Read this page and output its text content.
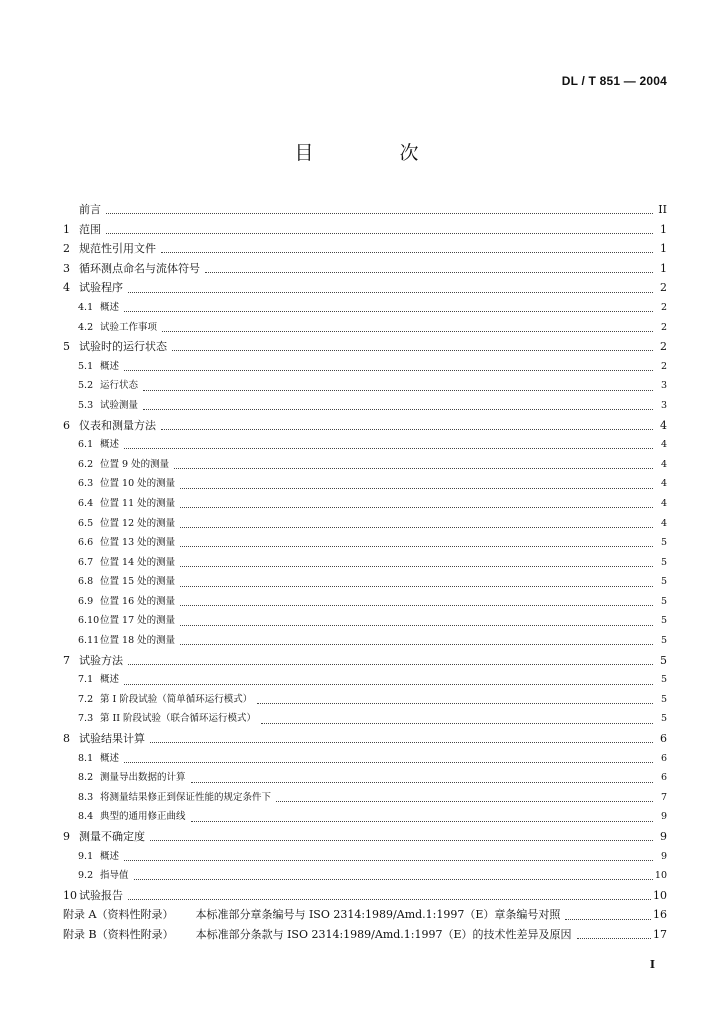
DL / T 851 — 2004
目 次
前言	II
1 范围	1
2 规范性引用文件	1
3 循环测点命名与流体符号	1
4 试验程序	2
4.1 概述	2
4.2 试验工作事项	2
5 试验时的运行状态	2
5.1 概述	2
5.2 运行状态	3
5.3 试验测量	3
6 仪表和测量方法	4
6.1 概述	4
6.2 位置 9 处的测量	4
6.3 位置 10 处的测量	4
6.4 位置 11 处的测量	4
6.5 位置 12 处的测量	4
6.6 位置 13 处的测量	5
6.7 位置 14 处的测量	5
6.8 位置 15 处的测量	5
6.9 位置 16 处的测量	5
6.10 位置 17 处的测量	5
6.11 位置 18 处的测量	5
7 试验方法	5
7.1 概述	5
7.2 第 I 阶段试验（简单循环运行模式）	5
7.3 第 II 阶段试验（联合循环运行模式）	5
8 试验结果计算	6
8.1 概述	6
8.2 测量导出数据的计算	6
8.3 将测量结果修正到保证性能的规定条件下	7
8.4 典型的通用修正曲线	9
9 测量不确定度	9
9.1 概述	9
9.2 指导值	10
10 试验报告	10
附录 A（资料性附录） 本标准部分章条编号与 ISO 2314:1989/Amd.1:1997（E）章条编号对照	16
附录 B（资料性附录） 本标准部分条款与 ISO 2314:1989/Amd.1:1997（E）的技术性差异及原因	17
I
